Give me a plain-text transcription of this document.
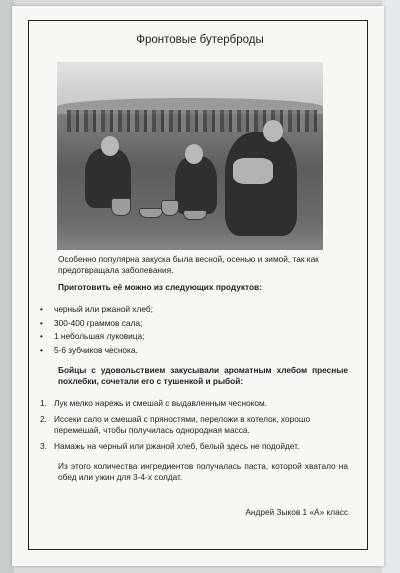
Фронтовые бутерброды
Особенно популярна закуска была весной, осенью и зимой, так как предотвращала заболевания.
Приготовить её можно из следующих продуктов:
• черный или ржаной хлеб;
• 300-400 граммов сала;
• 1 небольшая луковица;
• 5-6 зубчиков чеснока.
Бойцы с удовольствием закусывали ароматным хлебом пресные похлебки, сочетали его с тушенкой и рыбой:
1. Лук мелко нарежь и смешай с выдавленным чесноком.
2. Иссеки сало и смешай с пряностями, переложи в котелок, хорошо перемешай, чтобы получилась однородная масса.
3. Намажь на черный или ржаной хлеб, белый здесь не подойдет.
Из этого количества ингредиентов получалась паста, которой хватало на обед или ужин для 3-4-х солдат.
Андрей Зыков 1 «А» класс
